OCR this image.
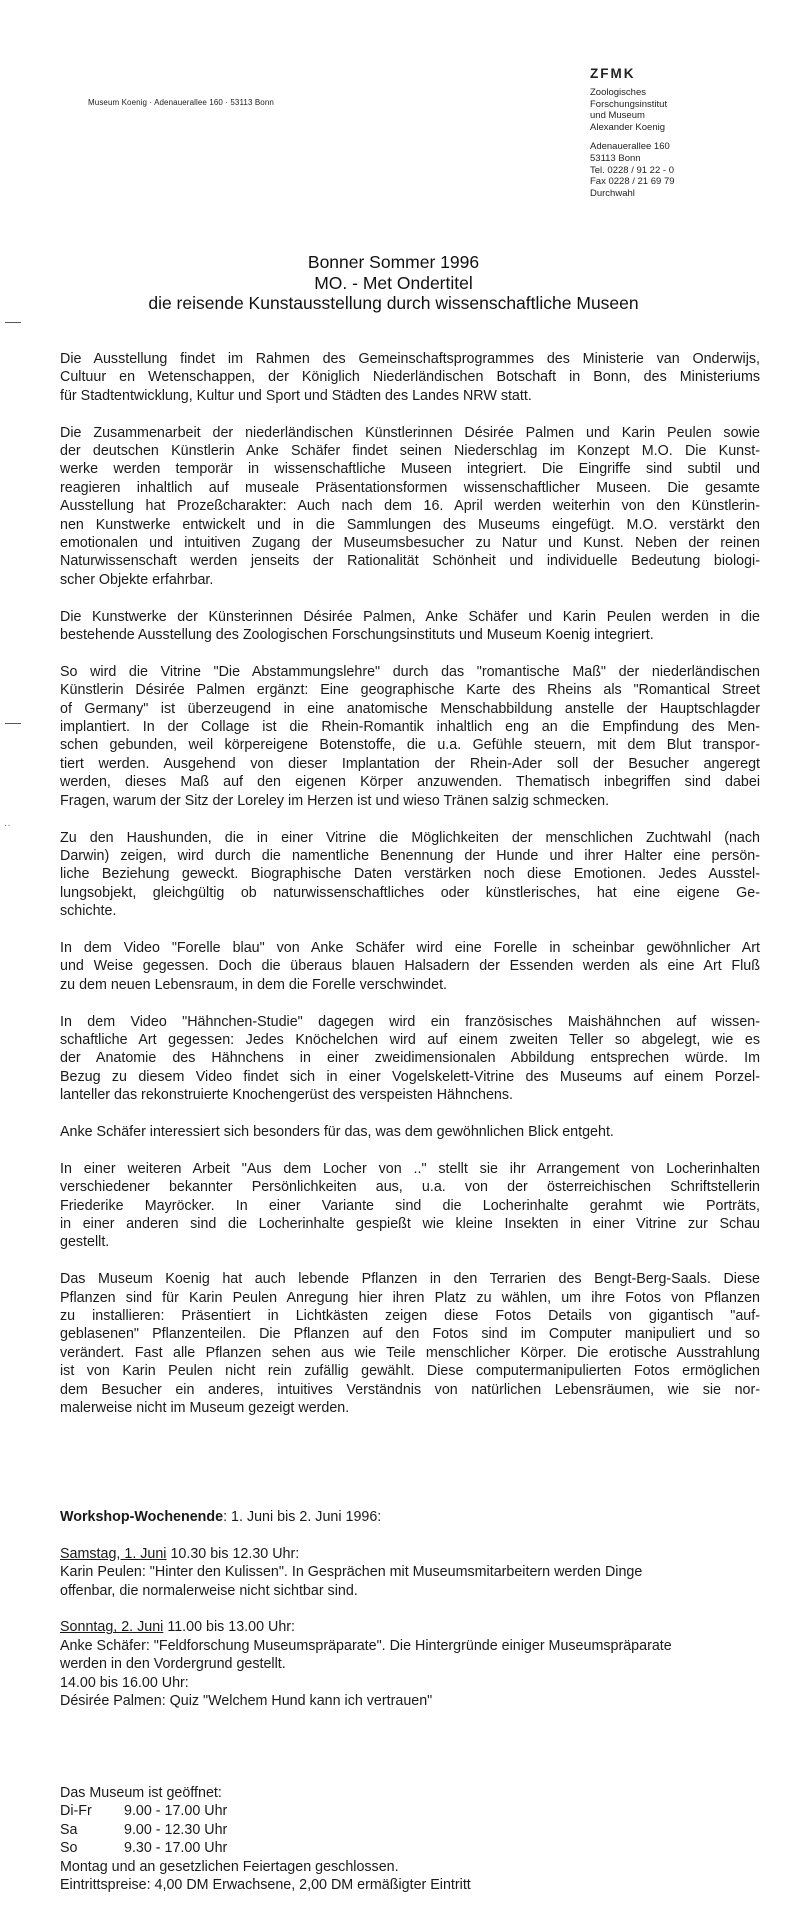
··
Museum Koenig · Adenauerallee 160 · 53113 Bonn
ZFMK
Zoologisches
Forschungsinstitut
und Museum
Alexander Koenig
Adenauerallee 160
53113 Bonn
Tel. 0228 / 91 22 - 0
Fax 0228 / 21 69 79
Durchwahl
Bonner Sommer 1996
MO. - Met Ondertitel
die reisende Kunstausstellung durch wissenschaftliche Museen

Die Ausstellung findet im Rahmen des Gemeinschaftsprogrammes des Ministerie van Onderwijs,
Cultuur en Wetenschappen, der Königlich Niederländischen Botschaft in Bonn, des Ministeriums
für Stadtentwicklung, Kultur und Sport und Städten des Landes NRW statt.

Die Zusammenarbeit der niederländischen Künstlerinnen Désirée Palmen und Karin Peulen sowie
der deutschen Künstlerin Anke Schäfer findet seinen Niederschlag im Konzept M.O. Die Kunst-
werke werden temporär in wissenschaftliche Museen integriert. Die Eingriffe sind subtil und
reagieren inhaltlich auf museale Präsentationsformen wissenschaftlicher Museen. Die gesamte
Ausstellung hat Prozeßcharakter: Auch nach dem 16. April werden weiterhin von den Künstlerin-
nen Kunstwerke entwickelt und in die Sammlungen des Museums eingefügt. M.O. verstärkt den
emotionalen und intuitiven Zugang der Museumsbesucher zu Natur und Kunst. Neben der reinen
Naturwissenschaft werden jenseits der Rationalität Schönheit und individuelle Bedeutung biologi-
scher Objekte erfahrbar.

Die Kunstwerke der Künsterinnen Désirée Palmen, Anke Schäfer und Karin Peulen werden in die
bestehende Ausstellung des Zoologischen Forschungsinstituts und Museum Koenig integriert.

So wird die Vitrine "Die Abstammungslehre" durch das "romantische Maß" der niederländischen
Künstlerin Désirée Palmen ergänzt: Eine geographische Karte des Rheins als "Romantical Street
of Germany" ist überzeugend in eine anatomische Menschabbildung anstelle der Hauptschlagder
implantiert. In der Collage ist die Rhein-Romantik inhaltlich eng an die Empfindung des Men-
schen gebunden, weil körpereigene Botenstoffe, die u.a. Gefühle steuern, mit dem Blut transpor-
tiert werden. Ausgehend von dieser Implantation der Rhein-Ader soll der Besucher angeregt
werden, dieses Maß auf den eigenen Körper anzuwenden. Thematisch inbegriffen sind dabei
Fragen, warum der Sitz der Loreley im Herzen ist und wieso Tränen salzig schmecken.

Zu den Haushunden, die in einer Vitrine die Möglichkeiten der menschlichen Zuchtwahl (nach
Darwin) zeigen, wird durch die namentliche Benennung der Hunde und ihrer Halter eine persön-
liche Beziehung geweckt. Biographische Daten verstärken noch diese Emotionen. Jedes Ausstel-
lungsobjekt, gleichgültig ob naturwissenschaftliches oder künstlerisches, hat eine eigene Ge-
schichte.

In dem Video "Forelle blau" von Anke Schäfer wird eine Forelle in scheinbar gewöhnlicher Art
und Weise gegessen. Doch die überaus blauen Halsadern der Essenden werden als eine Art Fluß
zu dem neuen Lebensraum, in dem die Forelle verschwindet.

In dem Video "Hähnchen-Studie" dagegen wird ein französisches Maishähnchen auf wissen-
schaftliche Art gegessen: Jedes Knöchelchen wird auf einem zweiten Teller so abgelegt, wie es
der Anatomie des Hähnchens in einer zweidimensionalen Abbildung entsprechen würde. Im
Bezug zu diesem Video findet sich in einer Vogelskelett-Vitrine des Museums auf einem Porzel-
lanteller das rekonstruierte Knochengerüst des verspeisten Hähnchens.

Anke Schäfer interessiert sich besonders für das, was dem gewöhnlichen Blick entgeht.

In einer weiteren Arbeit "Aus dem Locher von .." stellt sie ihr Arrangement von Locherinhalten
verschiedener bekannter Persönlichkeiten aus, u.a. von der österreichischen Schriftstellerin
Friederike Mayröcker. In einer Variante sind die Locherinhalte gerahmt wie Porträts,
in einer anderen sind die Locherinhalte gespießt wie kleine Insekten in einer Vitrine zur Schau
gestellt.

Das Museum Koenig hat auch lebende Pflanzen in den Terrarien des Bengt-Berg-Saals. Diese
Pflanzen sind für Karin Peulen Anregung hier ihren Platz zu wählen, um ihre Fotos von Pflanzen
zu installieren: Präsentiert in Lichtkästen zeigen diese Fotos Details von gigantisch "auf-
geblasenen" Pflanzenteilen. Die Pflanzen auf den Fotos sind im Computer manipuliert und so
verändert. Fast alle Pflanzen sehen aus wie Teile menschlicher Körper. Die erotische Ausstrahlung
ist von Karin Peulen nicht rein zufällig gewählt. Diese computermanipulierten Fotos ermöglichen
dem Besucher ein anderes, intuitives Verständnis von natürlichen Lebensräumen, wie sie nor-
malerweise nicht im Museum gezeigt werden.

Workshop-Wochenende: 1. Juni bis 2. Juni 1996:
Samstag, 1. Juni 10.30 bis 12.30 Uhr:
Karin Peulen: "Hinter den Kulissen". In Gesprächen mit Museumsmitarbeitern werden Dinge
offenbar, die normalerweise nicht sichtbar sind.
Sonntag, 2. Juni 11.00 bis 13.00 Uhr:
Anke Schäfer: "Feldforschung Museumspräparate". Die Hintergründe einiger Museumspräparate
werden in den Vordergrund gestellt.
14.00 bis 16.00 Uhr:
Désirée Palmen: Quiz "Welchem Hund kann ich vertrauen"
Das Museum ist geöffnet:
Di-Fr 9.00 - 17.00 Uhr
Sa	9.00 - 12.30 Uhr
So	9.30 - 17.00 Uhr
Montag und an gesetzlichen Feiertagen geschlossen.
Eintrittspreise: 4,00 DM Erwachsene, 2,00 DM ermäßigter Eintritt
